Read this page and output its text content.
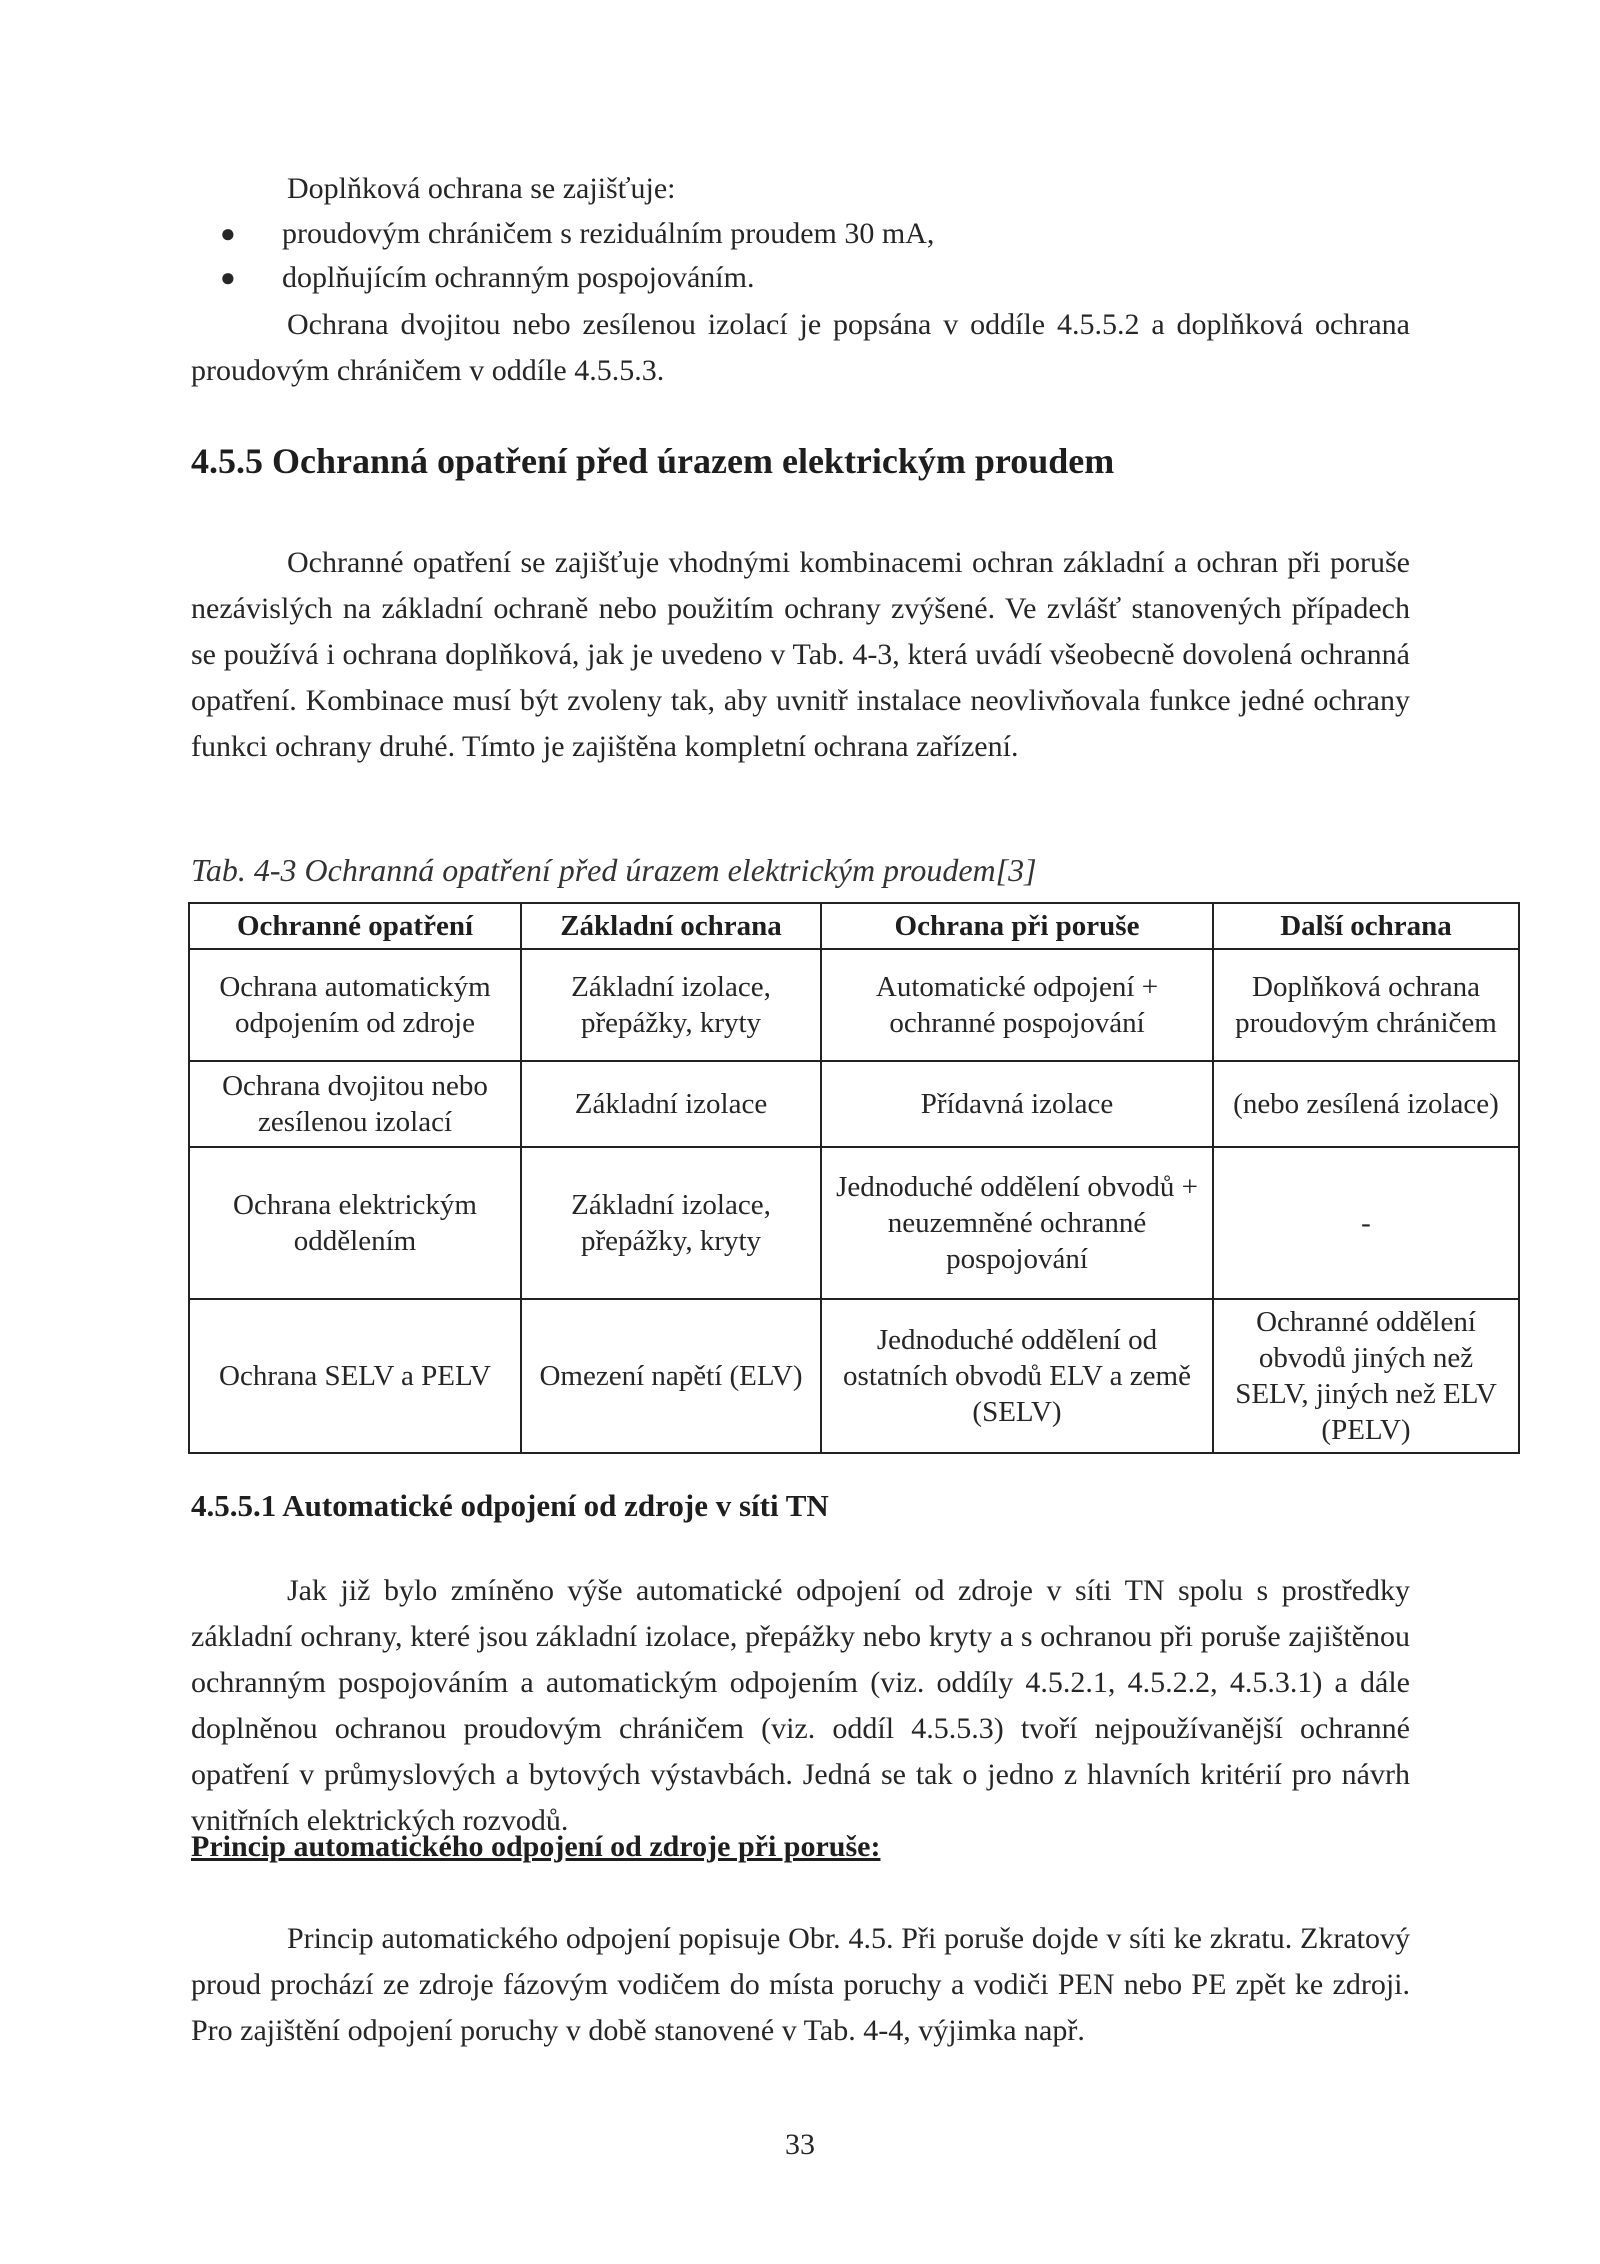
Doplňková ochrana se zajišťuje:

● proudovým chráničem s reziduálním proudem 30 mA,
● doplňujícím ochranným pospojováním.

Ochrana dvojitou nebo zesílenou izolací je popsána v oddíle 4.5.5.2 a doplňková ochrana proudovým chráničem v oddíle 4.5.5.3.

4.5.5 Ochranná opatření před úrazem elektrickým proudem

Ochranné opatření se zajišťuje vhodnými kombinacemi ochran základní a ochran při poruše nezávislých na základní ochraně nebo použitím ochrany zvýšené. Ve zvlášť stanovených případech se používá i ochrana doplňková, jak je uvedeno v Tab. 4-3, která uvádí všeobecně dovolená ochranná opatření. Kombinace musí být zvoleny tak, aby uvnitř instalace neovlivňovala funkce jedné ochrany funkci ochrany druhé. Tímto je zajištěna kompletní ochrana zařízení.

Tab. 4-3 Ochranná opatření před úrazem elektrickým proudem[3]
Ochranné opatření	Základní ochrana	Ochrana při poruše	Další ochrana
Ochrana automatickým odpojením od zdroje	Základní izolace, přepážky, kryty	Automatické odpojení + ochranné pospojování	Doplňková ochrana proudovým chráničem
Ochrana dvojitou nebo zesílenou izolací	Základní izolace	Přídavná izolace	(nebo zesílená izolace)
Ochrana elektrickým oddělením	Základní izolace, přepážky, kryty	Jednoduché oddělení obvodů + neuzemněné ochranné pospojování	-
Ochrana SELV a PELV	Omezení napětí (ELV)	Jednoduché oddělení od ostatních obvodů ELV a země (SELV)	Ochranné oddělení obvodů jiných než SELV, jiných než ELV (PELV)
4.5.5.1 Automatické odpojení od zdroje v síti TN

Jak již bylo zmíněno výše automatické odpojení od zdroje v síti TN spolu s prostředky základní ochrany, které jsou základní izolace, přepážky nebo kryty a s ochranou při poruše zajištěnou ochranným pospojováním a automatickým odpojením (viz. oddíly 4.5.2.1, 4.5.2.2, 4.5.3.1) a dále doplněnou ochranou proudovým chráničem (viz. oddíl 4.5.5.3) tvoří nejpoužívanější ochranné opatření v průmyslových a bytových výstavbách. Jedná se tak o jedno z hlavních kritérií pro návrh vnitřních elektrických rozvodů.

Princip automatického odpojení od zdroje při poruše:

Princip automatického odpojení popisuje Obr. 4.5. Při poruše dojde v síti ke zkratu. Zkratový proud prochází ze zdroje fázovým vodičem do místa poruchy a vodiči PEN nebo PE zpět ke zdroji. Pro zajištění odpojení poruchy v době stanovené v Tab. 4-4, výjimka např.

33
